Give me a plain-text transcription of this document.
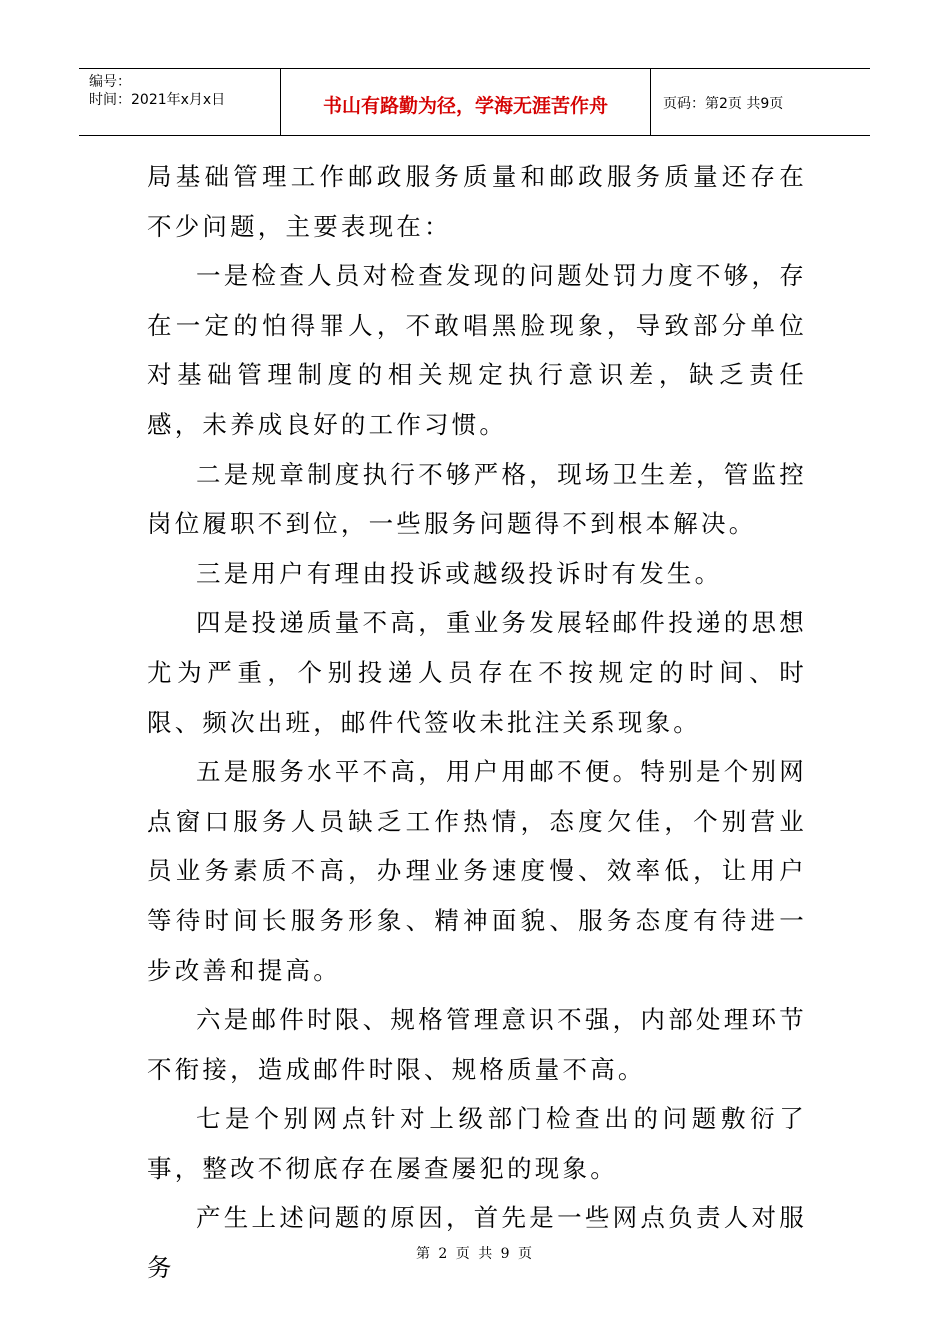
编号：
时间：2021年x月x日	书山有路勤为径，学海无涯苦作舟	页码：第2页 共9页

局基础管理工作邮政服务质量和邮政服务质量还存在不少问题，主要表现在：

一是检查人员对检查发现的问题处罚力度不够，存在一定的怕得罪人，不敢唱黑脸现象，导致部分单位对基础管理制度的相关规定执行意识差，缺乏责任感，未养成良好的工作习惯。

二是规章制度执行不够严格，现场卫生差，管监控岗位履职不到位，一些服务问题得不到根本解决。

三是用户有理由投诉或越级投诉时有发生。

四是投递质量不高，重业务发展轻邮件投递的思想尤为严重，个别投递人员存在不按规定的时间、时限、频次出班，邮件代签收未批注关系现象。

五是服务水平不高，用户用邮不便。特别是个别网点窗口服务人员缺乏工作热情，态度欠佳，个别营业员业务素质不高，办理业务速度慢、效率低，让用户等待时间长服务形象、精神面貌、服务态度有待进一步改善和提高。

六是邮件时限、规格管理意识不强，内部处理环节不衔接，造成邮件时限、规格质量不高。

七是个别网点针对上级部门检查出的问题敷衍了事，整改不彻底存在屡查屡犯的现象。

产生上述问题的原因，首先是一些网点负责人对服务	第 2 页 共 9 页
